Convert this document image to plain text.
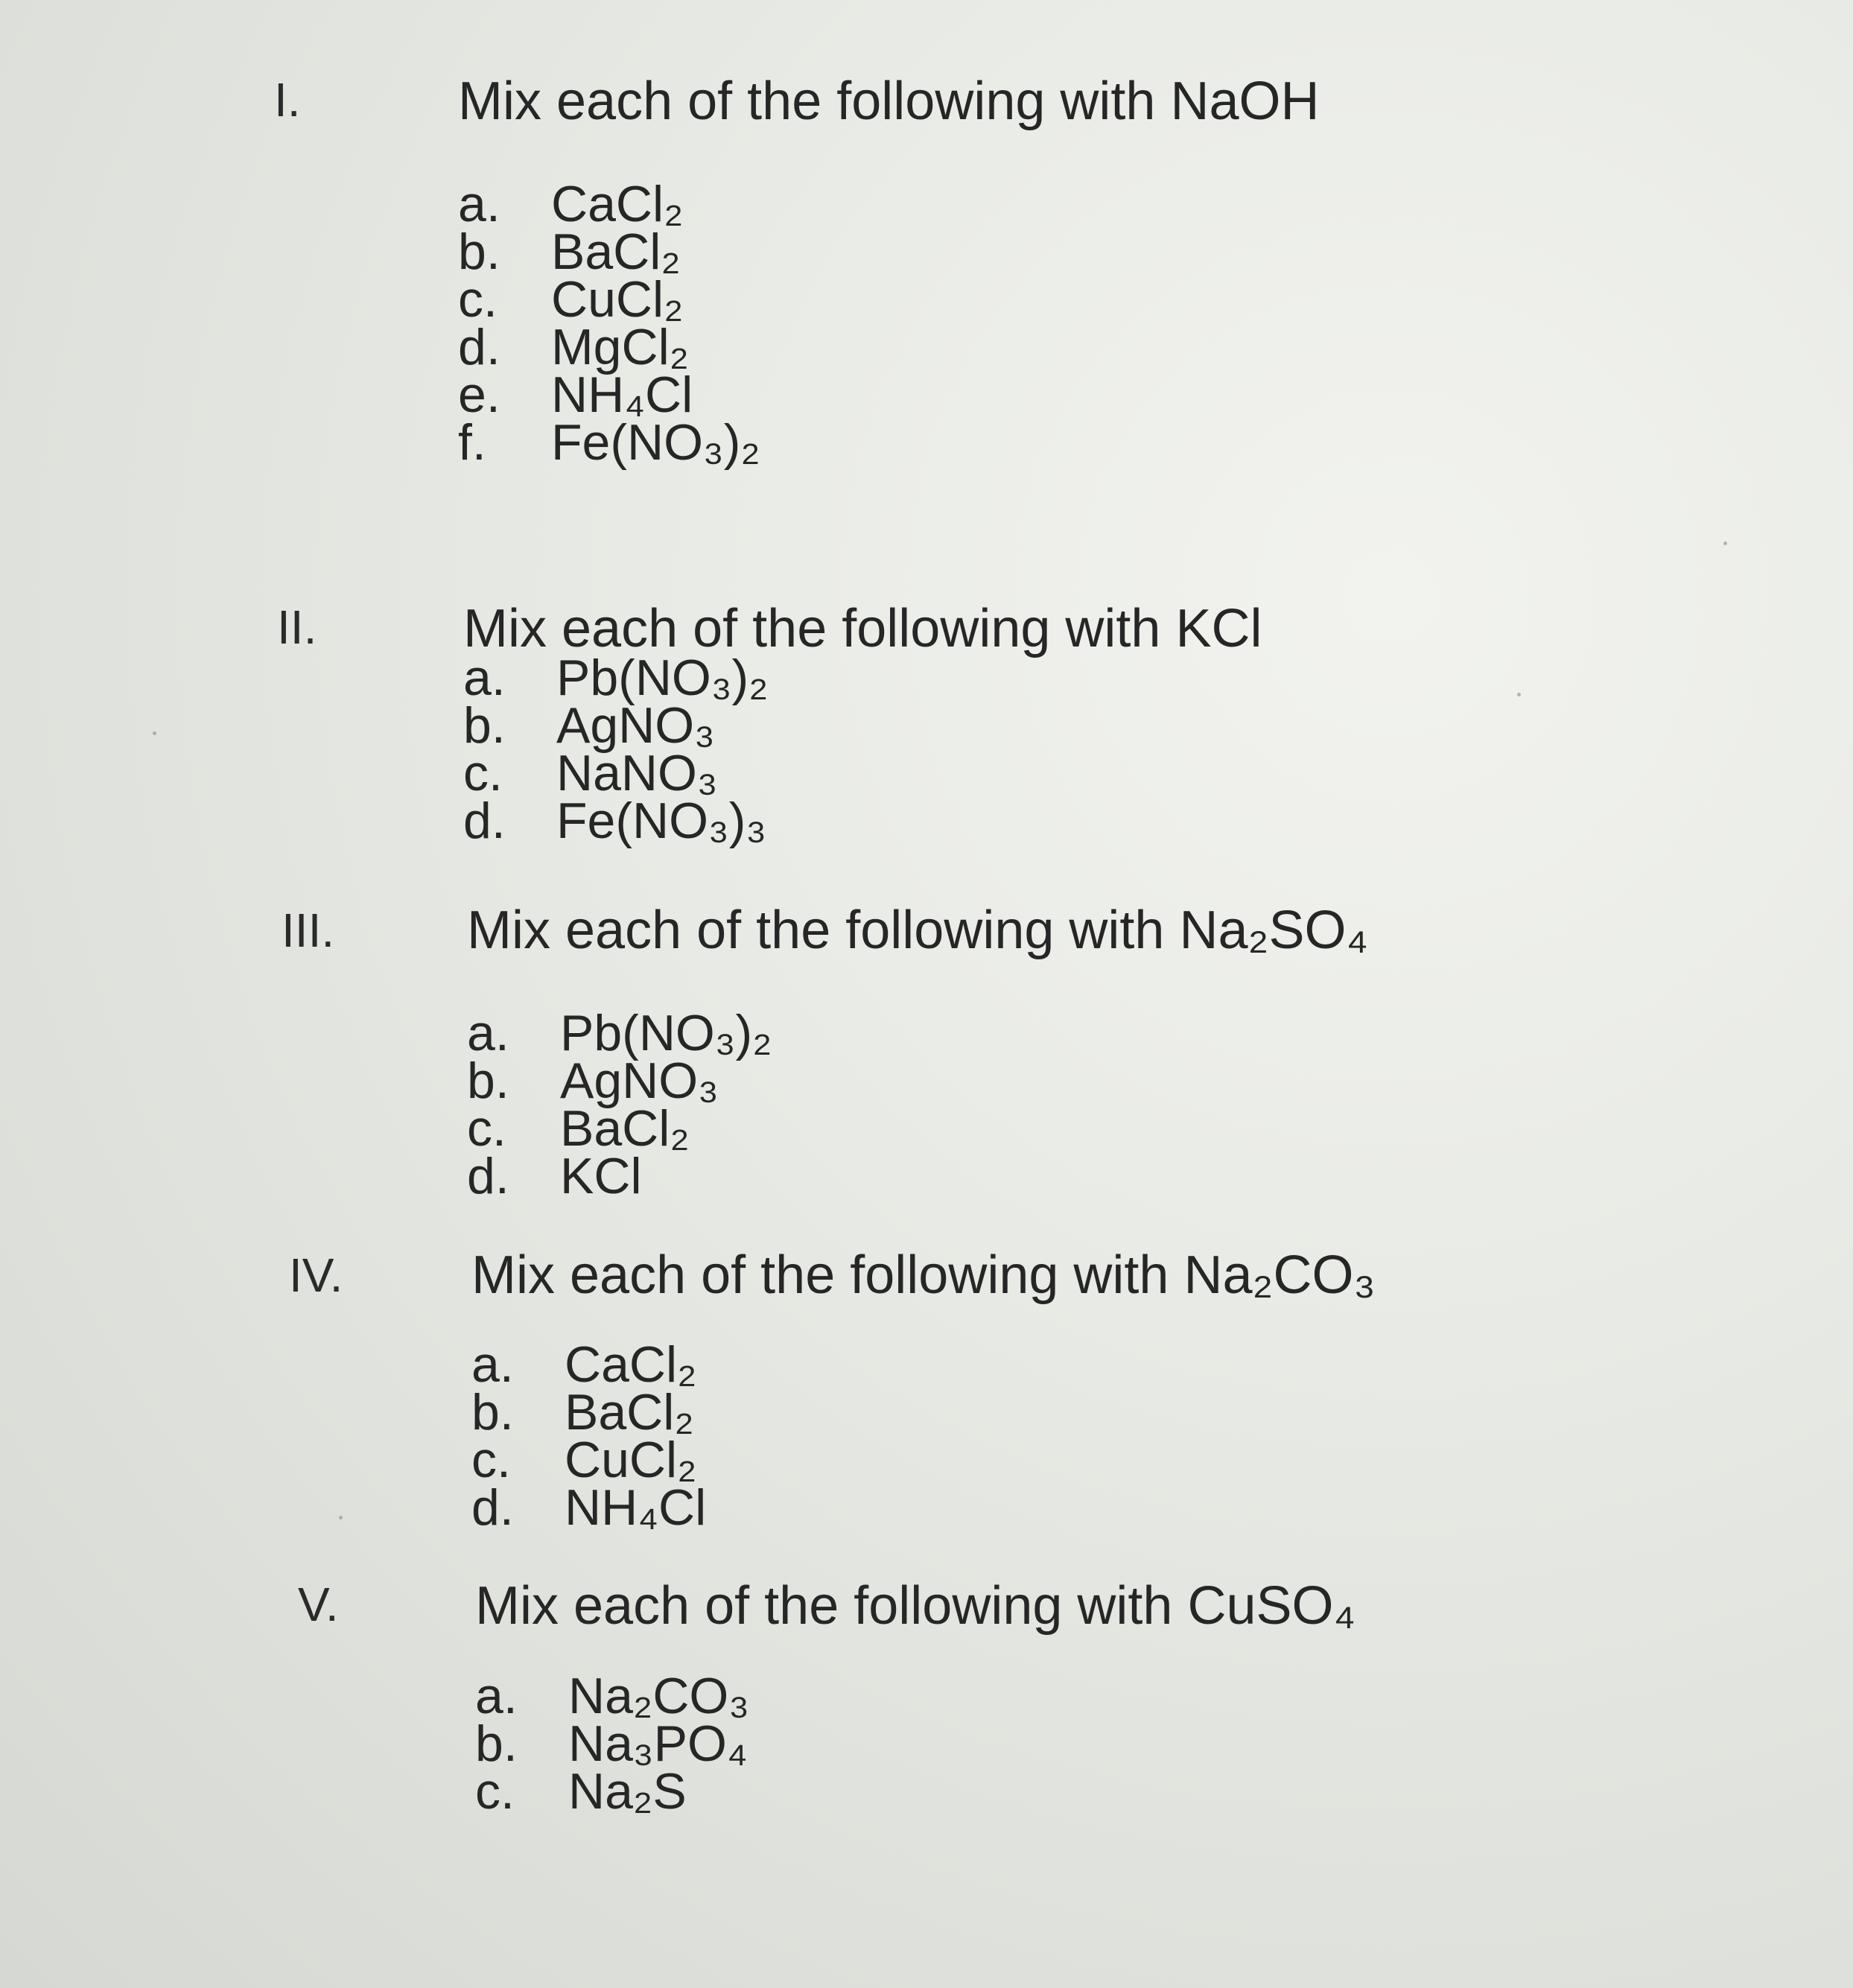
I.	Mix each of the following with NaOH
a. CaCl₂
b. BaCl₂
c. CuCl₂
d. MgCl₂
e. NH₄Cl
f. Fe(NO₃)₂
II.	Mix each of the following with KCl
a. Pb(NO₃)₂
b. AgNO₃
c. NaNO₃
d. Fe(NO₃)₃
III. Mix each of the following with Na₂SO₄
a. Pb(NO₃)₂
b. AgNO₃
c. BaCl₂
d. KCl
IV. Mix each of the following with Na₂CO₃
a. CaCl₂
b. BaCl₂
c. CuCl₂
d. NH₄Cl
V.	Mix each of the following with CuSO₄
a. Na₂CO₃
b. Na₃PO₄
c. Na₂S
